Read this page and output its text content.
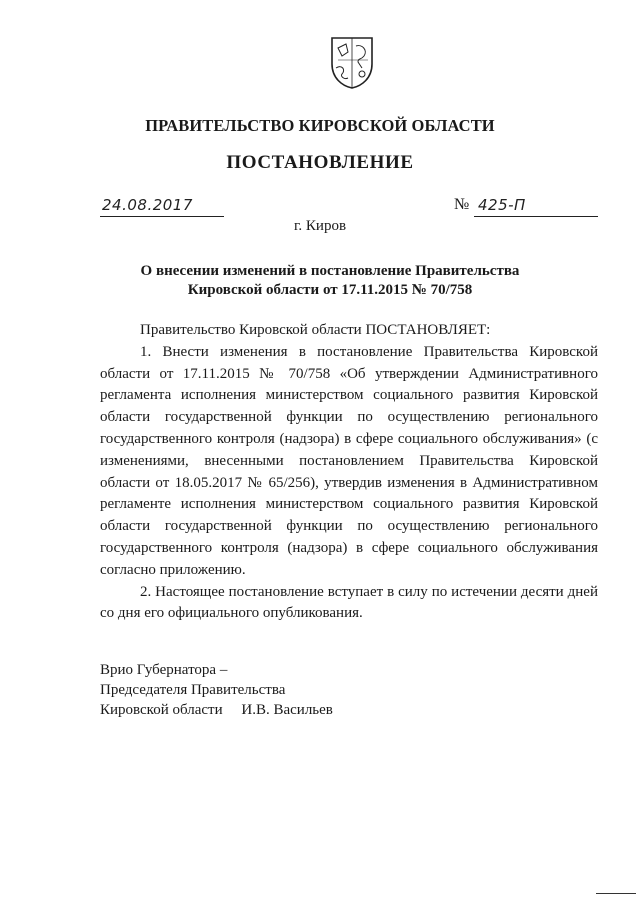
ПРАВИТЕЛЬСТВО КИРОВСКОЙ ОБЛАСТИ
ПОСТАНОВЛЕНИЕ
24.08.2017	№ 425-П
г. Киров
О внесении изменений в постановление Правительства
Кировской области от 17.11.2015 № 70/758

Правительство Кировской области ПОСТАНОВЛЯЕТ:

1. Внести изменения в постановление Правительства Кировской области от 17.11.2015 № 70/758 «Об утверждении Административного регламента исполнения министерством социального развития Кировской области государственной функции по осуществлению регионального государственного контроля (надзора) в сфере социального обслуживания» (с изменениями, внесенными постановлением Правительства Кировской области от 18.05.2017 № 65/256), утвердив изменения в Административном регламенте исполнения министерством социального развития Кировской области государственной функции по осуществлению регионального государственного контроля (надзора) в сфере социального обслуживания согласно приложению.

2. Настоящее постановление вступает в силу по истечении десяти дней со дня его официального опубликования.

Врио Губернатора –
Председателя Правительства
Кировской области     И.В. Васильев
